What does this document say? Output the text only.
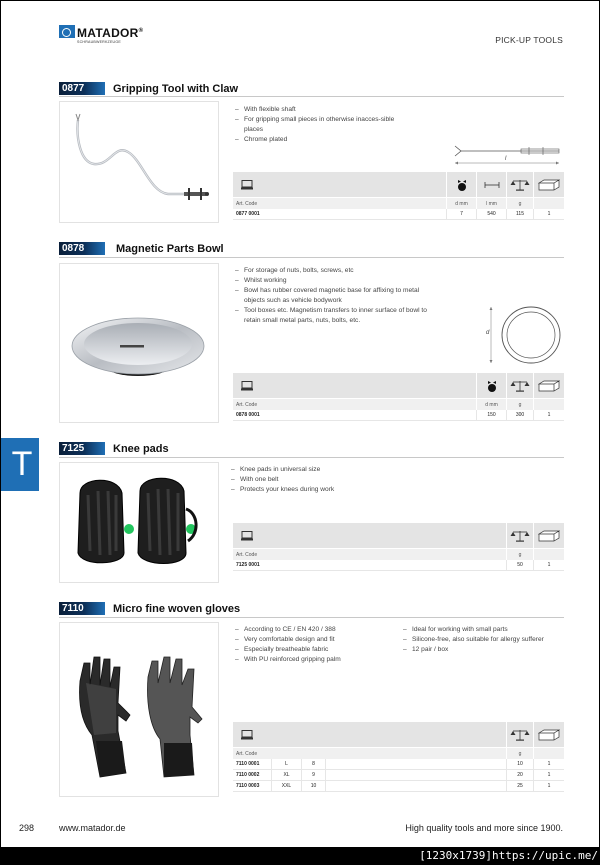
MATADOR®
SCHRAUBWERKZEUGE	PICK-UP TOOLS
0877	Gripping Tool with Claw
– With flexible shaft
– For gripping small pieces in otherwise inacces-sible places
– Chrome plated
l
Art. Code	d mm	l mm	g
0877 0001	7	540	115	1
0878	Magnetic Parts Bowl
– For storage of nuts, bolts, screws, etc
– Whilst working
– Bowl has rubber covered magnetic base for affixing to metal objects such as vehicle bodywork
– Tool boxes etc. Magnetism transfers to inner surface of bowl to retain small metal parts, nuts, bolts, etc.
d
Art. Code	d mm	g
0878 0001	150	300	1
T	7125	Knee pads
– Knee pads in universal size
– With one belt
– Protects your knees during work
Art. Code	g
7125 0001	50	1
7110	Micro fine woven gloves
– According to CE / EN 420 / 388
– Very comfortable design and fit
– Especially breatheable fabric
– With PU reinforced gripping palm
– Ideal for working with small parts
– Silicone-free, also suitable for allergy sufferer
– 12 pair / box
Art. Code	g
7110 0001	L	8	10	1
7110 0002	XL	9	20	1
7110 0003	XXL	10	25	1
298	www.matador.de	High quality tools and more since 1900.
[1230x1739]https://upic.me/
